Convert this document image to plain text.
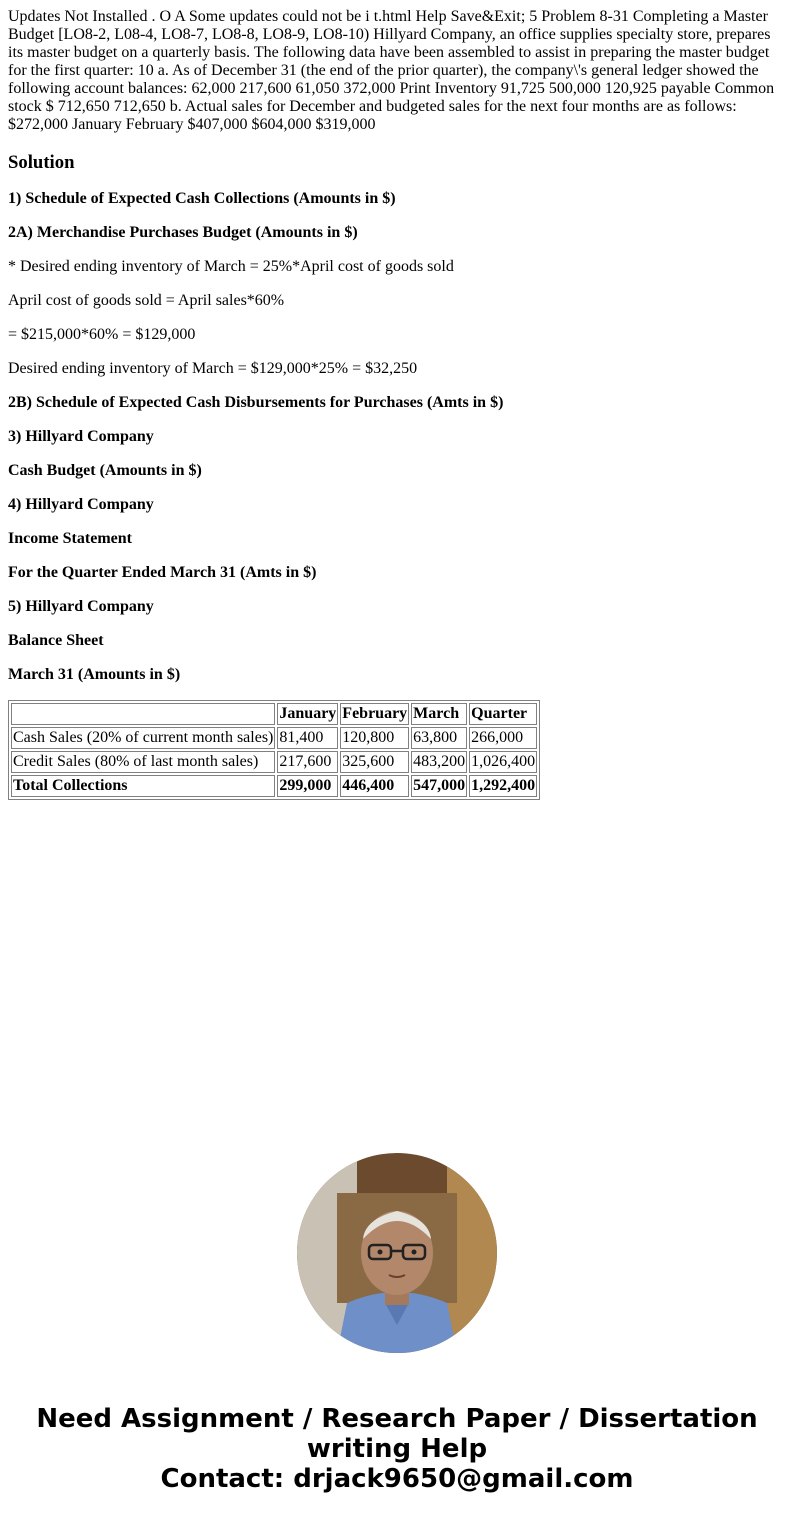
Updates Not Installed . O A Some updates could not be i t.html Help Save&Exit; 5 Problem 8-31 Completing a Master Budget [LO8-2, L08-4, LO8-7, LO8-8, LO8-9, LO8-10) Hillyard Company, an office supplies specialty store, prepares its master budget on a quarterly basis. The following data have been assembled to assist in preparing the master budget for the first quarter: 10 a. As of December 31 (the end of the prior quarter), the company\'s general ledger showed the following account balances: 62,000 217,600 61,050 372,000 Print Inventory 91,725 500,000 120,925 payable Common stock $ 712,650 712,650 b. Actual sales for December and budgeted sales for the next four months are as follows: $272,000 January February $407,000 $604,000 $319,000

Solution

1) Schedule of Expected Cash Collections (Amounts in $)

2A) Merchandise Purchases Budget (Amounts in $)

* Desired ending inventory of March = 25%*April cost of goods sold

April cost of goods sold = April sales*60%

= $215,000*60% = $129,000

Desired ending inventory of March = $129,000*25% = $32,250

2B) Schedule of Expected Cash Disbursements for Purchases (Amts in $)

3) Hillyard Company

Cash Budget (Amounts in $)

4) Hillyard Company

Income Statement

For the Quarter Ended March 31 (Amts in $)

5) Hillyard Company

Balance Sheet

March 31 (Amounts in $)

	January	February	March	Quarter
Cash Sales (20% of current month sales)	81,400	120,800	63,800	266,000
Credit Sales (80% of last month sales)	217,600	325,600	483,200	1,026,400
Total Collections	299,000	446,400	547,000	1,292,400
Need Assignment / Research Paper / Dissertation
writing Help
Contact: drjack9650@gmail.com
